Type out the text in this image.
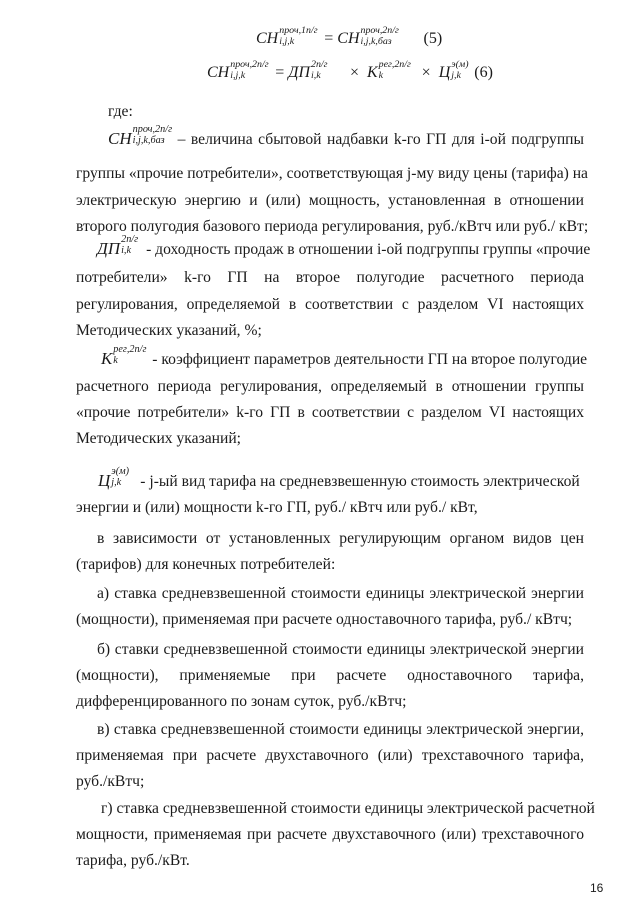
СН проч,1п/г
i,j,k = СН проч,2п/г
i,j,k,баз (5)
СН проч,2п/г
i,j,k = ДП 2п/г
i,k × К рег,2п/г
k × Ц э(м)
j,k (6)
где:
СН проч,2п/г
i,j,k,баз – величина сбытовой надбавки k-го ГП для i-ой подгруппы
группы «прочие потребители», соответствующая j-му виду цены (тарифа) на
электрическую энергию и (или) мощность, установленная в отношении
второго полугодия базового периода регулирования, руб./кВтч или руб./ кВт;
ДП 2п/г
i,k - доходность продаж в отношении i-ой подгруппы группы «прочие
потребители» k-го ГП на второе полугодие расчетного периода
регулирования, определяемой в соответствии с разделом VI настоящих
Методических указаний, %;
К рег,2п/г
k - коэффициент параметров деятельности ГП на второе полугодие
расчетного периода регулирования, определяемый в отношении группы
«прочие потребители» k-го ГП в соответствии с разделом VI настоящих
Методических указаний;
Ц э(м)
j,k - j-ый вид тарифа на средневзвешенную стоимость электрической
энергии и (или) мощности k-го ГП, руб./ кВтч или руб./ кВт,
в зависимости от установленных регулирующим органом видов цен
(тарифов) для конечных потребителей:
а) ставка средневзвешенной стоимости единицы электрической энергии
(мощности), применяемая при расчете одноставочного тарифа, руб./ кВтч;
б) ставки средневзвешенной стоимости единицы электрической энергии
(мощности), применяемые при расчете одноставочного тарифа,
дифференцированного по зонам суток, руб./кВтч;
в) ставка средневзвешенной стоимости единицы электрической энергии,
применяемая при расчете двухставочного (или) трехставочного тарифа,
руб./кВтч;
г) ставка средневзвешенной стоимости единицы электрической расчетной
мощности, применяемая при расчете двухставочного (или) трехставочного
тарифа, руб./кВт.
16
